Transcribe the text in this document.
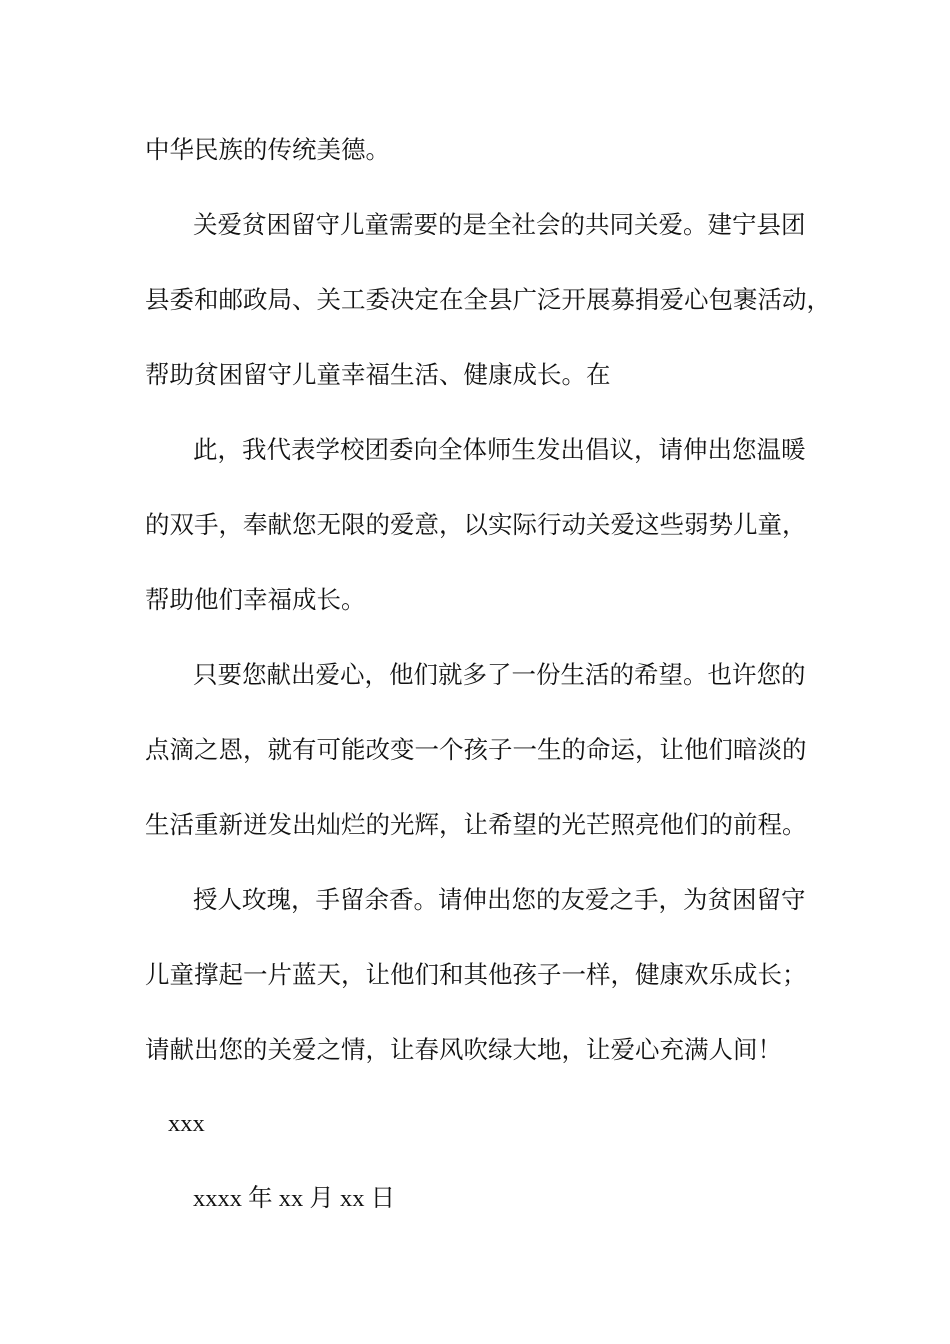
中华民族的传统美德。
关爱贫困留守儿童需要的是全社会的共同关爱。建宁县团
县委和邮政局、关工委决定在全县广泛开展募捐爱心包裹活动，
帮助贫困留守儿童幸福生活、健康成长。在
此，我代表学校团委向全体师生发出倡议，请伸出您温暖
的双手，奉献您无限的爱意，以实际行动关爱这些弱势儿童，
帮助他们幸福成长。
只要您献出爱心，他们就多了一份生活的希望。也许您的
点滴之恩，就有可能改变一个孩子一生的命运，让他们暗淡的
生活重新迸发出灿烂的光辉，让希望的光芒照亮他们的前程。
授人玫瑰，手留余香。请伸出您的友爱之手，为贫困留守
儿童撑起一片蓝天，让他们和其他孩子一样，健康欢乐成长；
请献出您的关爱之情，让春风吹绿大地，让爱心充满人间！
xxx
xxxx 年 xx 月 xx 日
